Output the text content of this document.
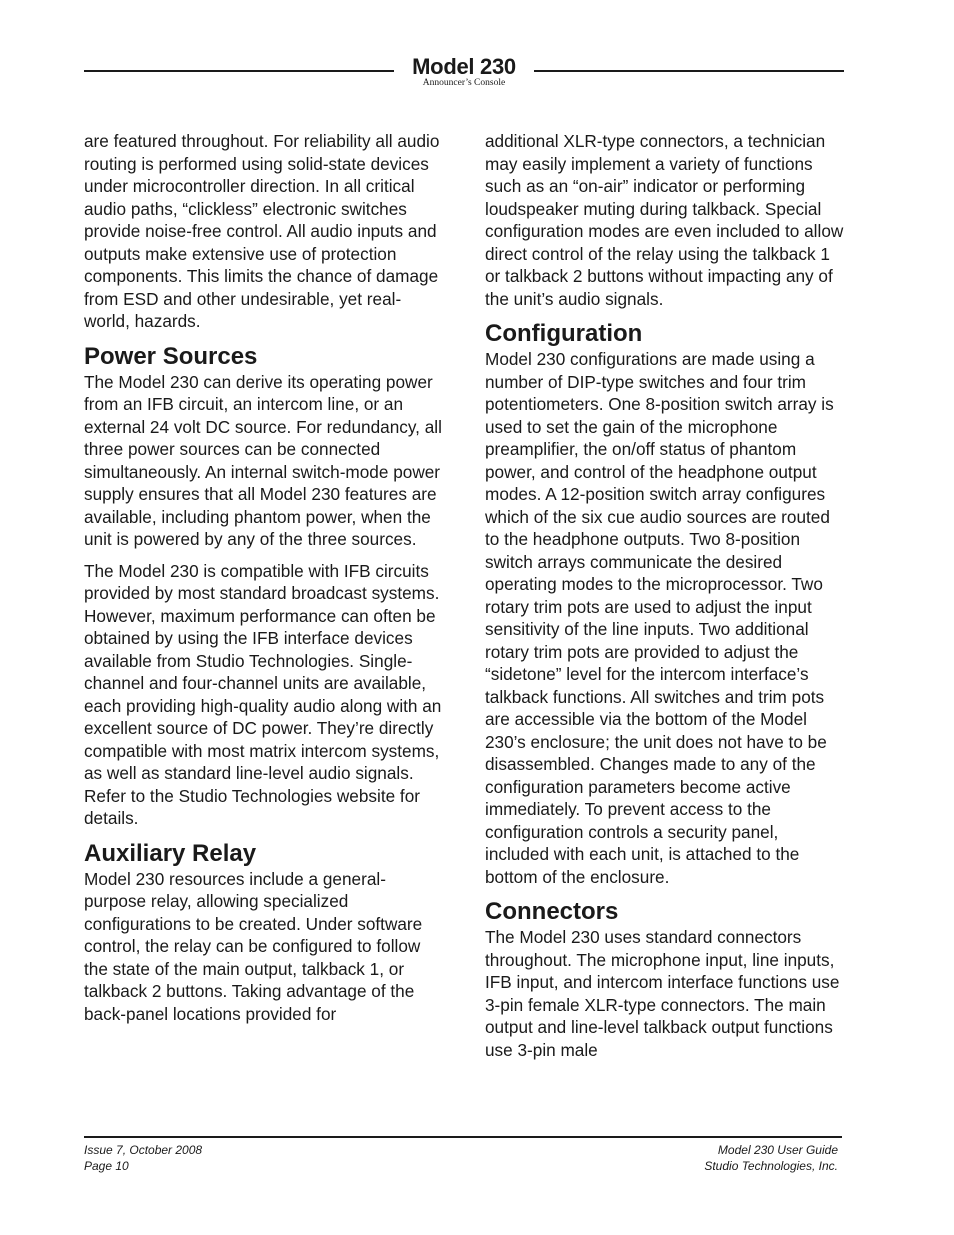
Model 230
Announcer’s Console

are featured throughout. For reliability all audio routing is performed using solid-state devices under microcontroller direction. In all critical audio paths, “clickless” electronic switches provide noise-free control. All audio inputs and outputs make extensive use of protection components. This limits the chance of damage from ESD and other undesirable, yet real-world, hazards.

Power Sources

The Model 230 can derive its operating power from an IFB circuit, an intercom line, or an external 24 volt DC source. For redundancy, all three power sources can be connected simultaneously. An internal switch-mode power supply ensures that all Model 230 features are available, including phantom power, when the unit is powered by any of the three sources.

The Model 230 is compatible with IFB circuits provided by most standard broadcast systems. However, maximum performance can often be obtained by using the IFB interface devices available from Studio Technologies. Single-channel and four-channel units are available, each providing high-quality audio along with an excellent source of DC power. They’re directly compatible with most matrix intercom systems, as well as standard line-level audio signals. Refer to the Studio Technologies website for details.

Auxiliary Relay

Model 230 resources include a general-purpose relay, allowing specialized configurations to be created. Under software control, the relay can be configured to follow the state of the main output, talkback 1, or talkback 2 buttons. Taking advantage of the back-panel locations provided for

additional XLR-type connectors, a technician may easily implement a variety of functions such as an “on-air” indicator or performing loudspeaker muting during talkback. Special configuration modes are even included to allow direct control of the relay using the talkback 1 or talkback 2 buttons without impacting any of the unit’s audio signals.

Configuration

Model 230 configurations are made using a number of DIP-type switches and four trim potentiometers. One 8-position switch array is used to set the gain of the microphone preamplifier, the on/off status of phantom power, and control of the headphone output modes. A 12-position switch array configures which of the six cue audio sources are routed to the headphone outputs. Two 8-position switch arrays communicate the desired operating modes to the microprocessor. Two rotary trim pots are used to adjust the input sensitivity of the line inputs. Two additional rotary trim pots are provided to adjust the “sidetone” level for the intercom interface’s talkback functions. All switches and trim pots are accessible via the bottom of the Model 230’s enclosure; the unit does not have to be disassembled. Changes made to any of the configuration parameters become active immediately. To prevent access to the configuration controls a security panel, included with each unit, is attached to the bottom of the enclosure.

Connectors

The Model 230 uses standard connectors throughout. The microphone input, line inputs, IFB input, and intercom interface functions use 3-pin female XLR-type connectors. The main output and line-level talkback output functions use 3-pin male

Issue 7, October 2008
Page 10
Model 230 User Guide
Studio Technologies, Inc.
